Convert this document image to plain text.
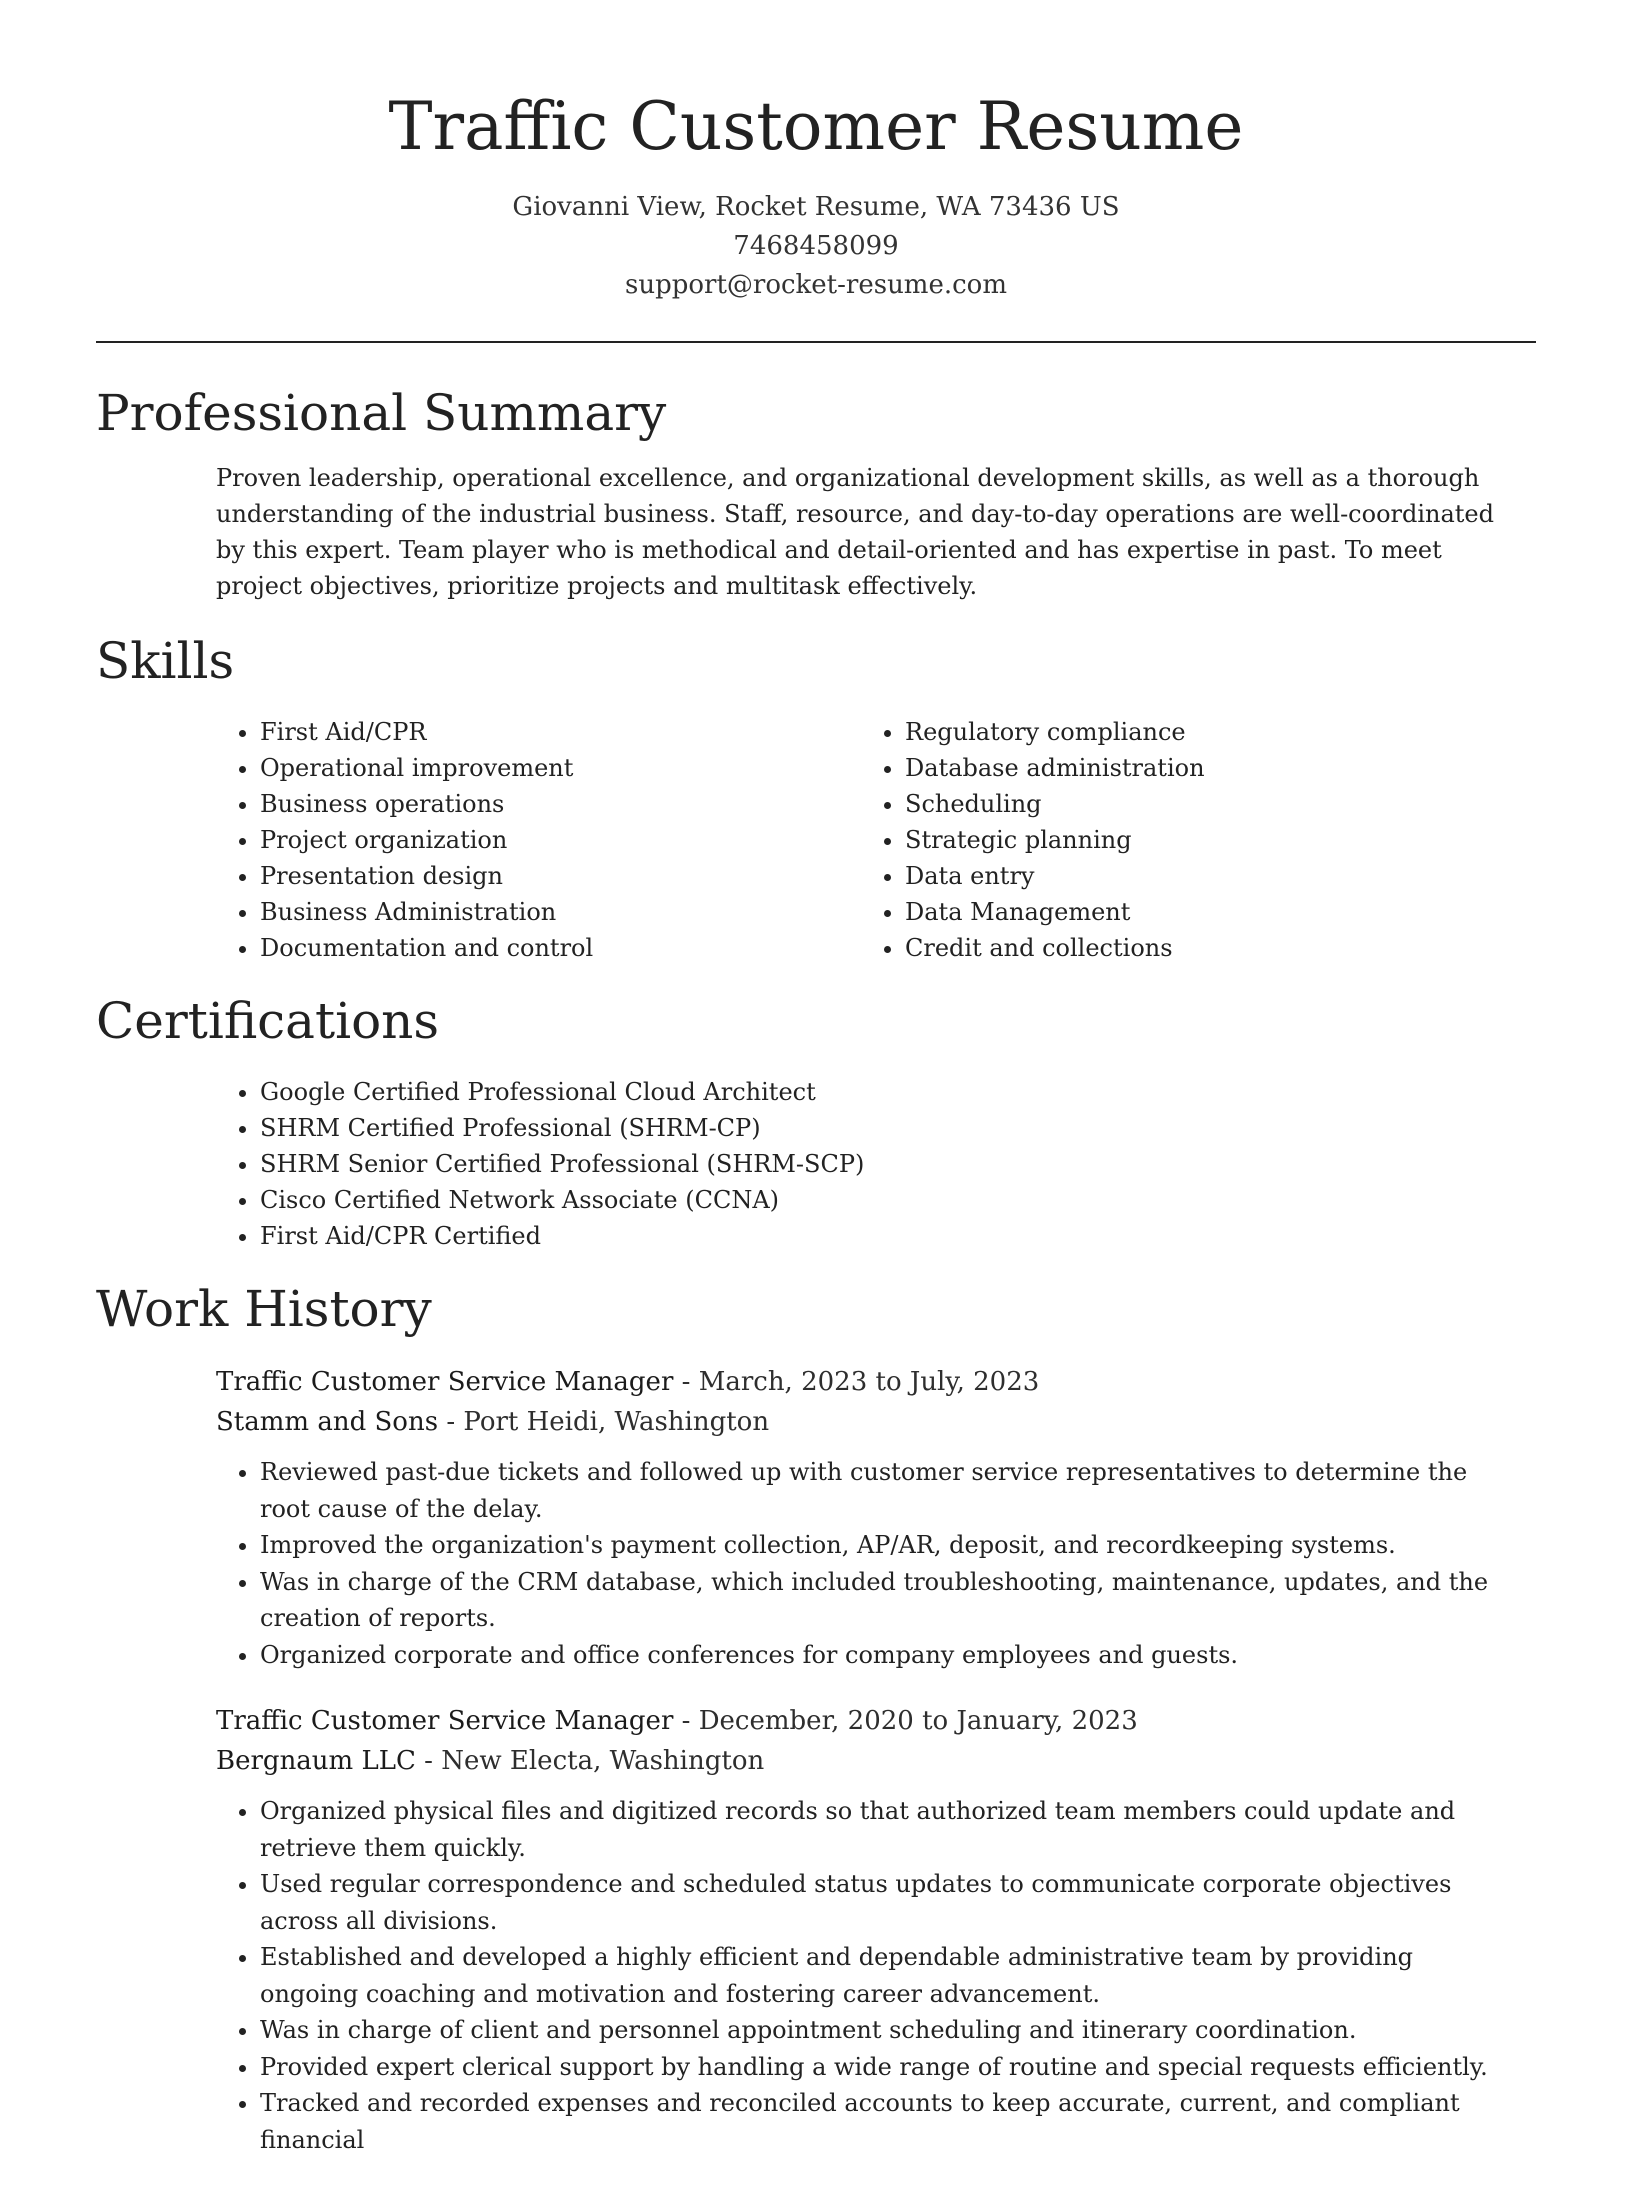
Traffic Customer Resume
Giovanni View, Rocket Resume, WA 73436 US
7468458099
support@rocket-resume.com
Professional Summary

Proven leadership, operational excellence, and organizational development skills, as well as a thorough understanding of the industrial business. Staff, resource, and day-to-day operations are well-coordinated by this expert. Team player who is methodical and detail-oriented and has expertise in past. To meet project objectives, prioritize projects and multitask effectively.

Skills
• First Aid/CPR
• Operational improvement
• Business operations
• Project organization
• Presentation design
• Business Administration
• Documentation and control
• Regulatory compliance
• Database administration
• Scheduling
• Strategic planning
• Data entry
• Data Management
• Credit and collections
Certifications
• Google Certified Professional Cloud Architect
• SHRM Certified Professional (SHRM-CP)
• SHRM Senior Certified Professional (SHRM-SCP)
• Cisco Certified Network Associate (CCNA)
• First Aid/CPR Certified
Work History
Traffic Customer Service Manager - March, 2023 to July, 2023
Stamm and Sons - Port Heidi, Washington
• Reviewed past-due tickets and followed up with customer service representatives to determine the root cause of the delay.
• Improved the organization's payment collection, AP/AR, deposit, and recordkeeping systems.
• Was in charge of the CRM database, which included troubleshooting, maintenance, updates, and the creation of reports.
• Organized corporate and office conferences for company employees and guests.
Traffic Customer Service Manager - December, 2020 to January, 2023
Bergnaum LLC - New Electa, Washington
• Organized physical files and digitized records so that authorized team members could update and retrieve them quickly.
• Used regular correspondence and scheduled status updates to communicate corporate objectives across all divisions.
• Established and developed a highly efficient and dependable administrative team by providing ongoing coaching and motivation and fostering career advancement.
• Was in charge of client and personnel appointment scheduling and itinerary coordination.
• Provided expert clerical support by handling a wide range of routine and special requests efficiently.
• Tracked and recorded expenses and reconciled accounts to keep accurate, current, and compliant financial
